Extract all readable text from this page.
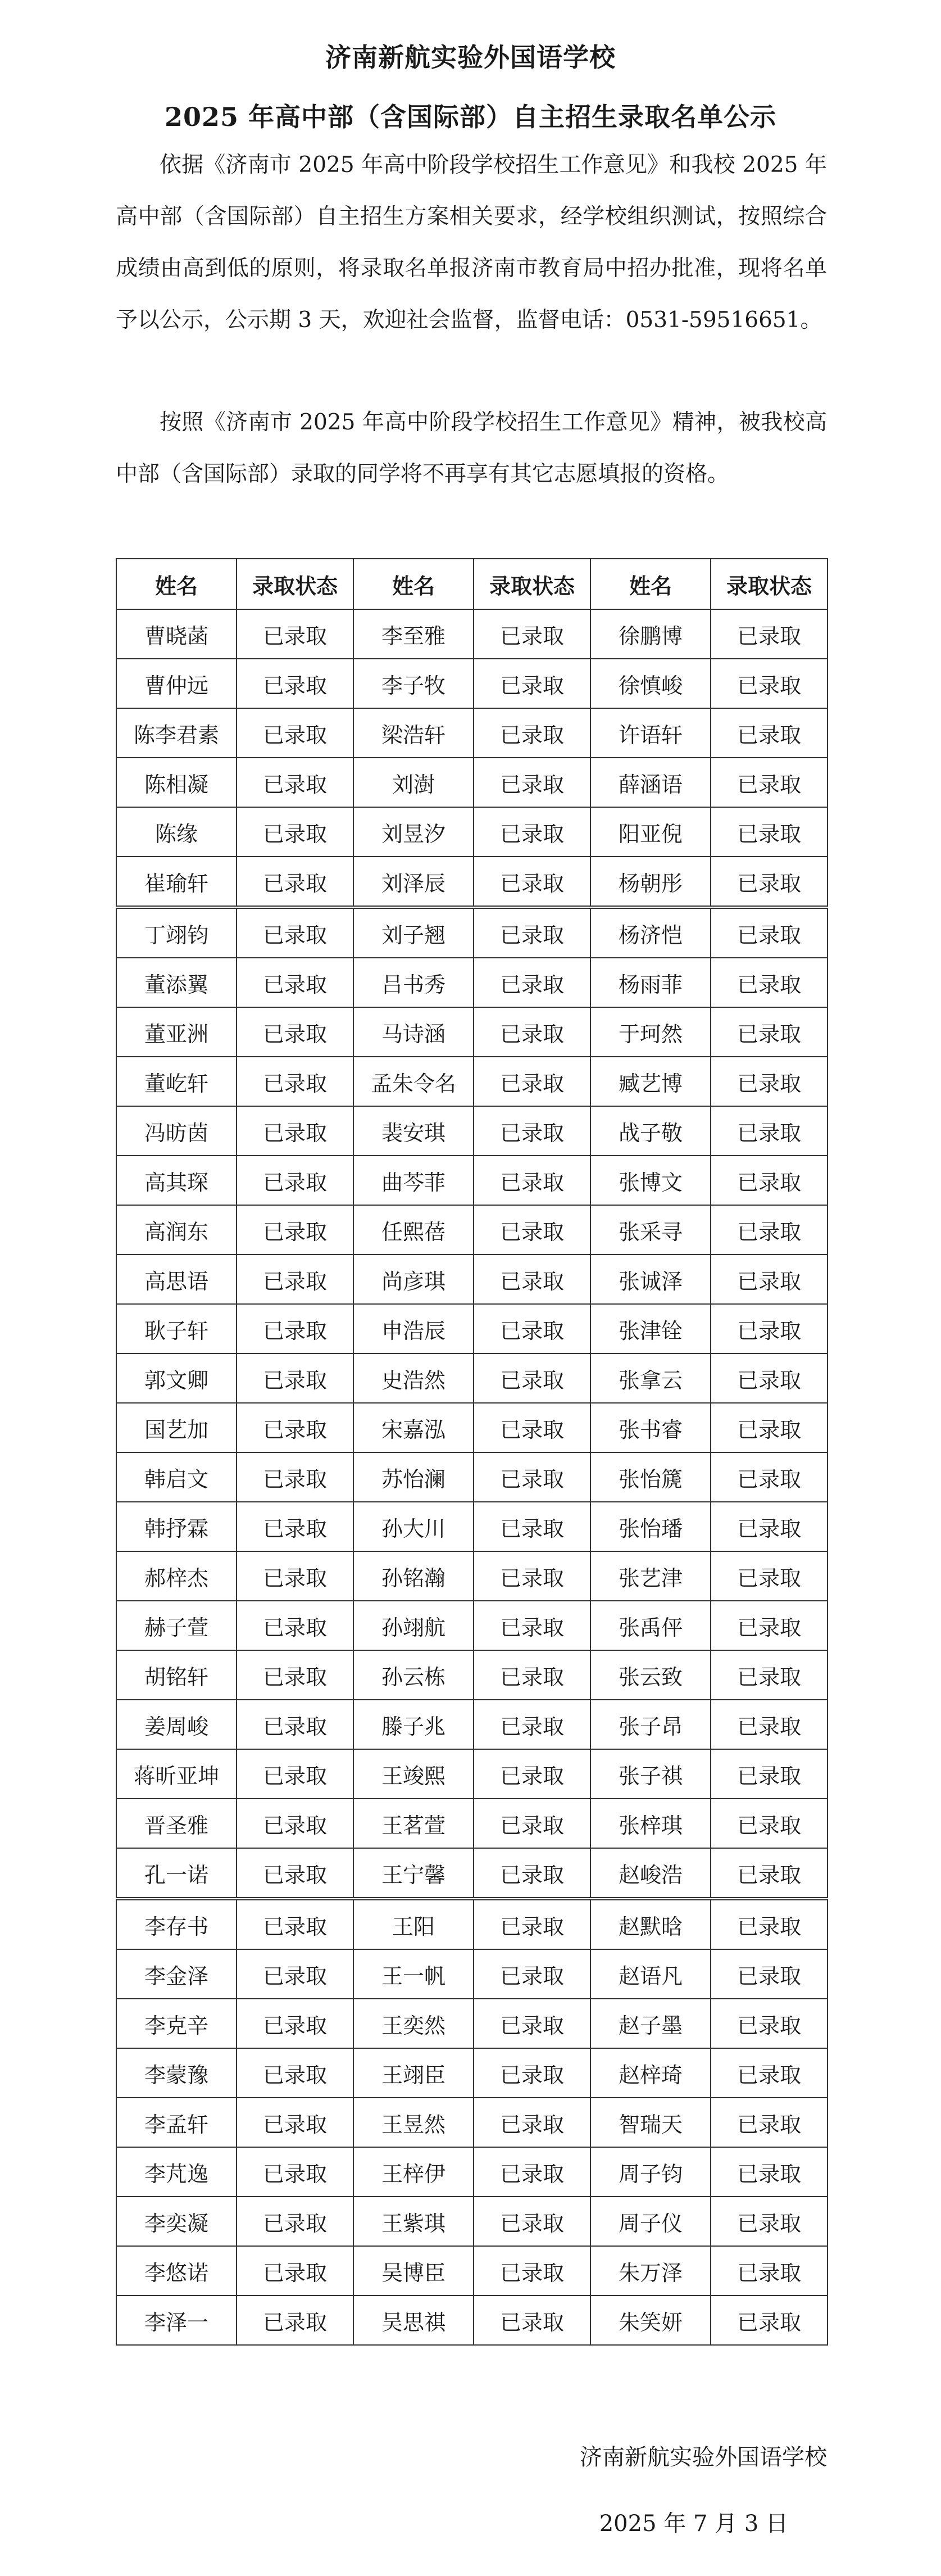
济南新航实验外国语学校
2025 年高中部（含国际部）自主招生录取名单公示

依据《济南市 2025 年高中阶段学校招生工作意见》和我校 2025 年高中部（含国际部）自主招生方案相关要求，经学校组织测试，按照综合成绩由高到低的原则，将录取名单报济南市教育局中招办批准，现将名单予以公示，公示期 3 天，欢迎社会监督，监督电话：0531-59516651。

按照《济南市 2025 年高中阶段学校招生工作意见》精神，被我校高中部（含国际部）录取的同学将不再享有其它志愿填报的资格。

姓名	录取状态	姓名	录取状态	姓名	录取状态
曹晓菡	已录取	李至雅	已录取	徐鹏博	已录取
曹仲远	已录取	李子牧	已录取	徐慎峻	已录取
陈李君素	已录取	梁浩轩	已录取	许语轩	已录取
陈相凝	已录取	刘澍	已录取	薛涵语	已录取
陈缘	已录取	刘昱汐	已录取	阳亚倪	已录取
崔瑜轩	已录取	刘泽辰	已录取	杨朝彤	已录取
丁翊钧	已录取	刘子翘	已录取	杨济恺	已录取
董添翼	已录取	吕书秀	已录取	杨雨菲	已录取
董亚洲	已录取	马诗涵	已录取	于珂然	已录取
董屹轩	已录取	孟朱令名	已录取	臧艺博	已录取
冯昉茵	已录取	裴安琪	已录取	战子敬	已录取
高其琛	已录取	曲芩菲	已录取	张博文	已录取
高润东	已录取	任熙蓓	已录取	张采寻	已录取
高思语	已录取	尚彦琪	已录取	张诚泽	已录取
耿子轩	已录取	申浩辰	已录取	张津铨	已录取
郭文卿	已录取	史浩然	已录取	张拿云	已录取
国艺加	已录取	宋嘉泓	已录取	张书睿	已录取
韩启文	已录取	苏怡澜	已录取	张怡篪	已录取
韩抒霖	已录取	孙大川	已录取	张怡璠	已录取
郝梓杰	已录取	孙铭瀚	已录取	张艺津	已录取
赫子萱	已录取	孙翊航	已录取	张禹伻	已录取
胡铭轩	已录取	孙云栋	已录取	张云致	已录取
姜周峻	已录取	滕子兆	已录取	张子昂	已录取
蒋昕亚坤	已录取	王竣熙	已录取	张子祺	已录取
晋圣雅	已录取	王茗萱	已录取	张梓琪	已录取
孔一诺	已录取	王宁馨	已录取	赵峻浩	已录取
李存书	已录取	王阳	已录取	赵默晗	已录取
李金泽	已录取	王一帆	已录取	赵语凡	已录取
李克辛	已录取	王奕然	已录取	赵子墨	已录取
李蒙豫	已录取	王翊臣	已录取	赵梓琦	已录取
李孟轩	已录取	王昱然	已录取	智瑞天	已录取
李芃逸	已录取	王梓伊	已录取	周子钧	已录取
李奕凝	已录取	王紫琪	已录取	周子仪	已录取
李悠诺	已录取	吴博臣	已录取	朱万泽	已录取
李泽一	已录取	吴思祺	已录取	朱笑妍	已录取

济南新航实验外国语学校

2025 年 7 月 3 日
